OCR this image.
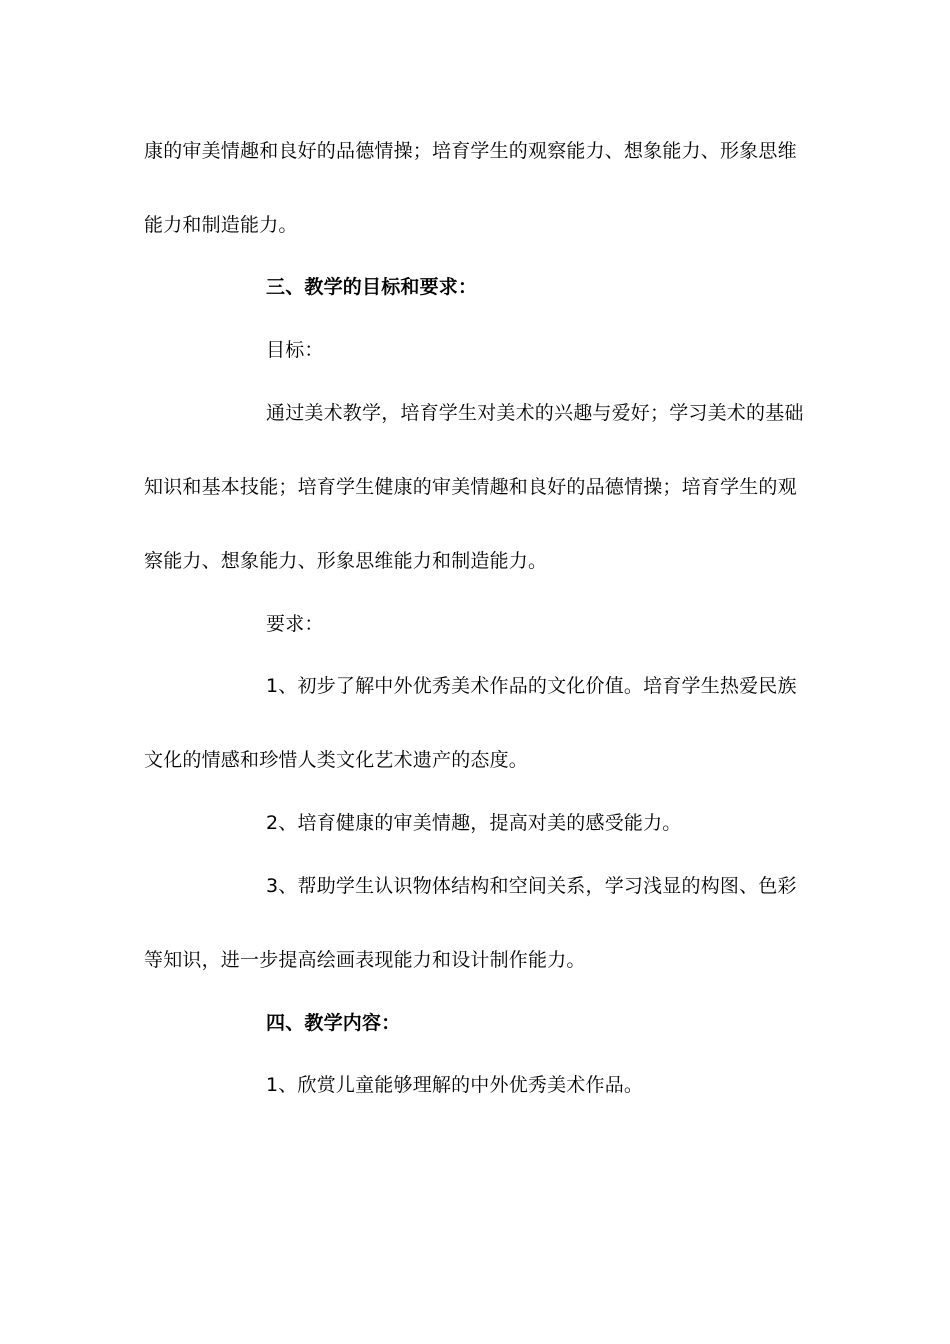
康的审美情趣和良好的品德情操；培育学生的观察能力、想象能力、形象思维
能力和制造能力。
三、教学的目标和要求：
目标：
通过美术教学，培育学生对美术的兴趣与爱好；学习美术的基础
知识和基本技能；培育学生健康的审美情趣和良好的品德情操；培育学生的观
察能力、想象能力、形象思维能力和制造能力。
要求：
1、初步了解中外优秀美术作品的文化价值。培育学生热爱民族
文化的情感和珍惜人类文化艺术遗产的态度。
2、培育健康的审美情趣，提高对美的感受能力。
3、帮助学生认识物体结构和空间关系，学习浅显的构图、色彩
等知识，进一步提高绘画表现能力和设计制作能力。
四、教学内容：
1、欣赏儿童能够理解的中外优秀美术作品。
